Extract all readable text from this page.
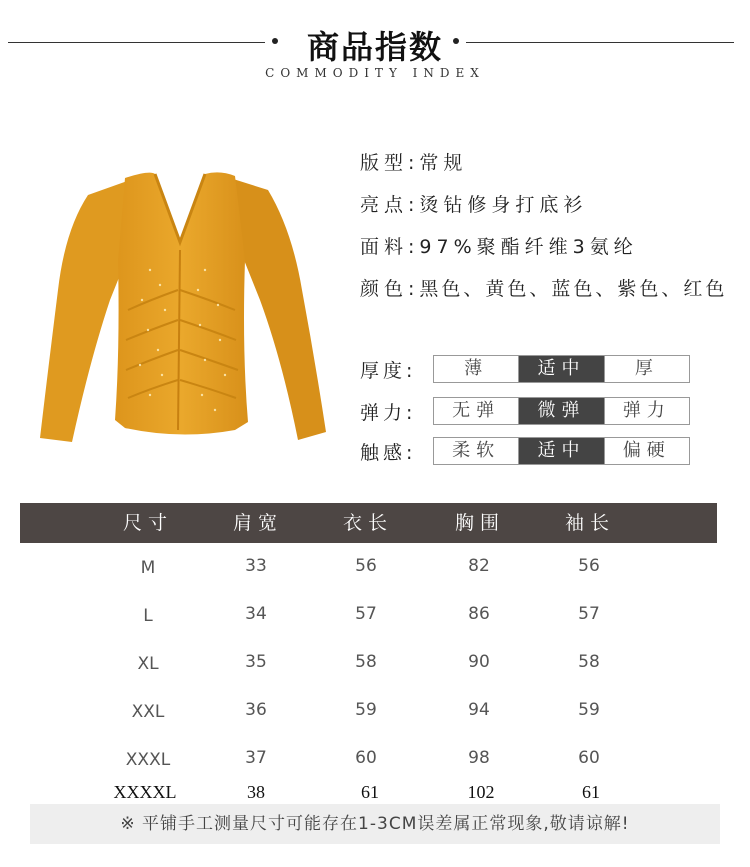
商品指数
COMMODITY INDEX
版型:常规
亮点:烫钻修身打底衫
面料:97%聚酯纤维3氨纶
颜色:黑色、黄色、蓝色、紫色、红色
厚度:	薄	适中	厚
弹力:	无弹	微弹	弹力
触感:	柔软	适中	偏硬
尺寸	肩宽	衣长	胸围	袖长
M	33	56	82	56
L	34	57	86	57
XL	35	58	90	58
XXL	36	59	94	59
XXXL	37	60	98	60
XXXXL	38	61	102	61
※ 平铺手工测量尺寸可能存在1-3CM误差属正常现象,敬请谅解!
